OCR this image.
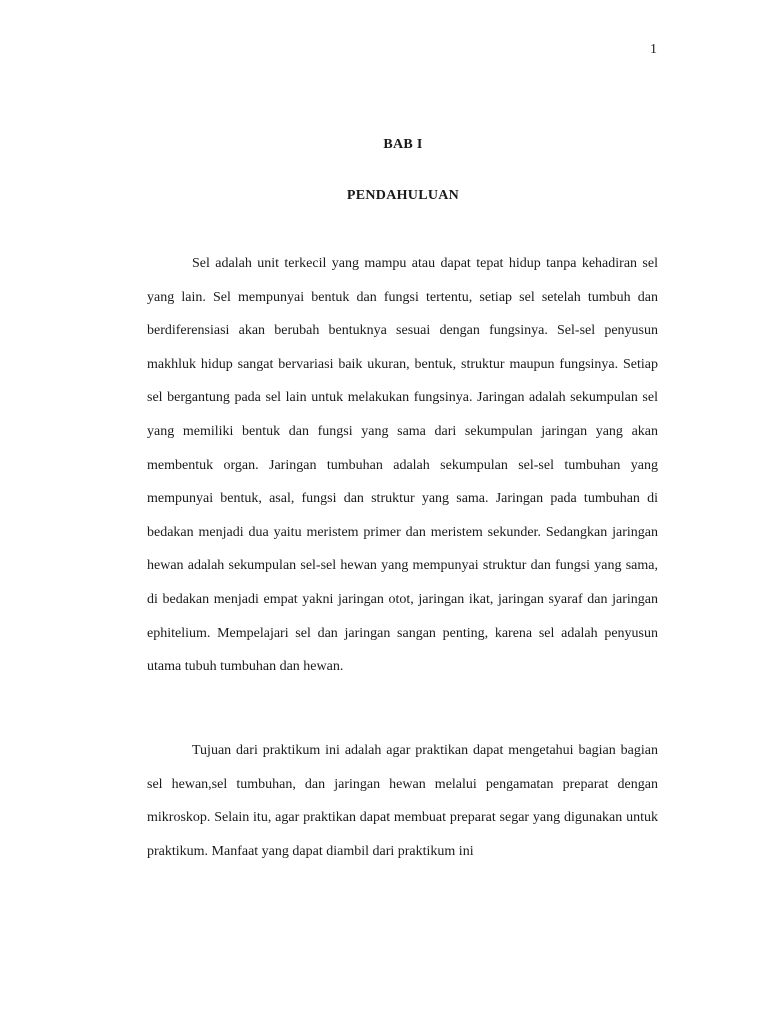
1
BAB I
PENDAHULUAN

Sel adalah unit terkecil yang mampu atau dapat tepat hidup tanpa kehadiran sel yang lain. Sel mempunyai bentuk dan fungsi tertentu, setiap sel setelah tumbuh dan berdiferensiasi akan berubah bentuknya sesuai dengan fungsinya. Sel-sel penyusun makhluk hidup sangat bervariasi baik ukuran, bentuk, struktur maupun fungsinya. Setiap sel bergantung pada sel lain untuk melakukan fungsinya. Jaringan adalah sekumpulan sel yang memiliki bentuk dan fungsi yang sama dari sekumpulan jaringan yang akan membentuk organ. Jaringan tumbuhan adalah sekumpulan sel-sel tumbuhan yang mempunyai bentuk, asal, fungsi dan struktur yang sama. Jaringan pada tumbuhan di bedakan menjadi dua yaitu meristem primer dan meristem sekunder. Sedangkan jaringan hewan adalah sekumpulan sel-sel hewan yang mempunyai struktur dan fungsi yang sama, di bedakan menjadi empat yakni jaringan otot, jaringan ikat, jaringan syaraf dan jaringan ephitelium. Mempelajari sel dan jaringan sangan penting, karena sel adalah penyusun utama tubuh tumbuhan dan hewan.

Tujuan dari praktikum ini adalah agar praktikan dapat mengetahui bagian bagian sel hewan,sel tumbuhan, dan jaringan hewan melalui pengamatan preparat dengan mikroskop. Selain itu, agar praktikan dapat membuat preparat segar yang digunakan untuk praktikum. Manfaat yang dapat diambil dari praktikum ini
